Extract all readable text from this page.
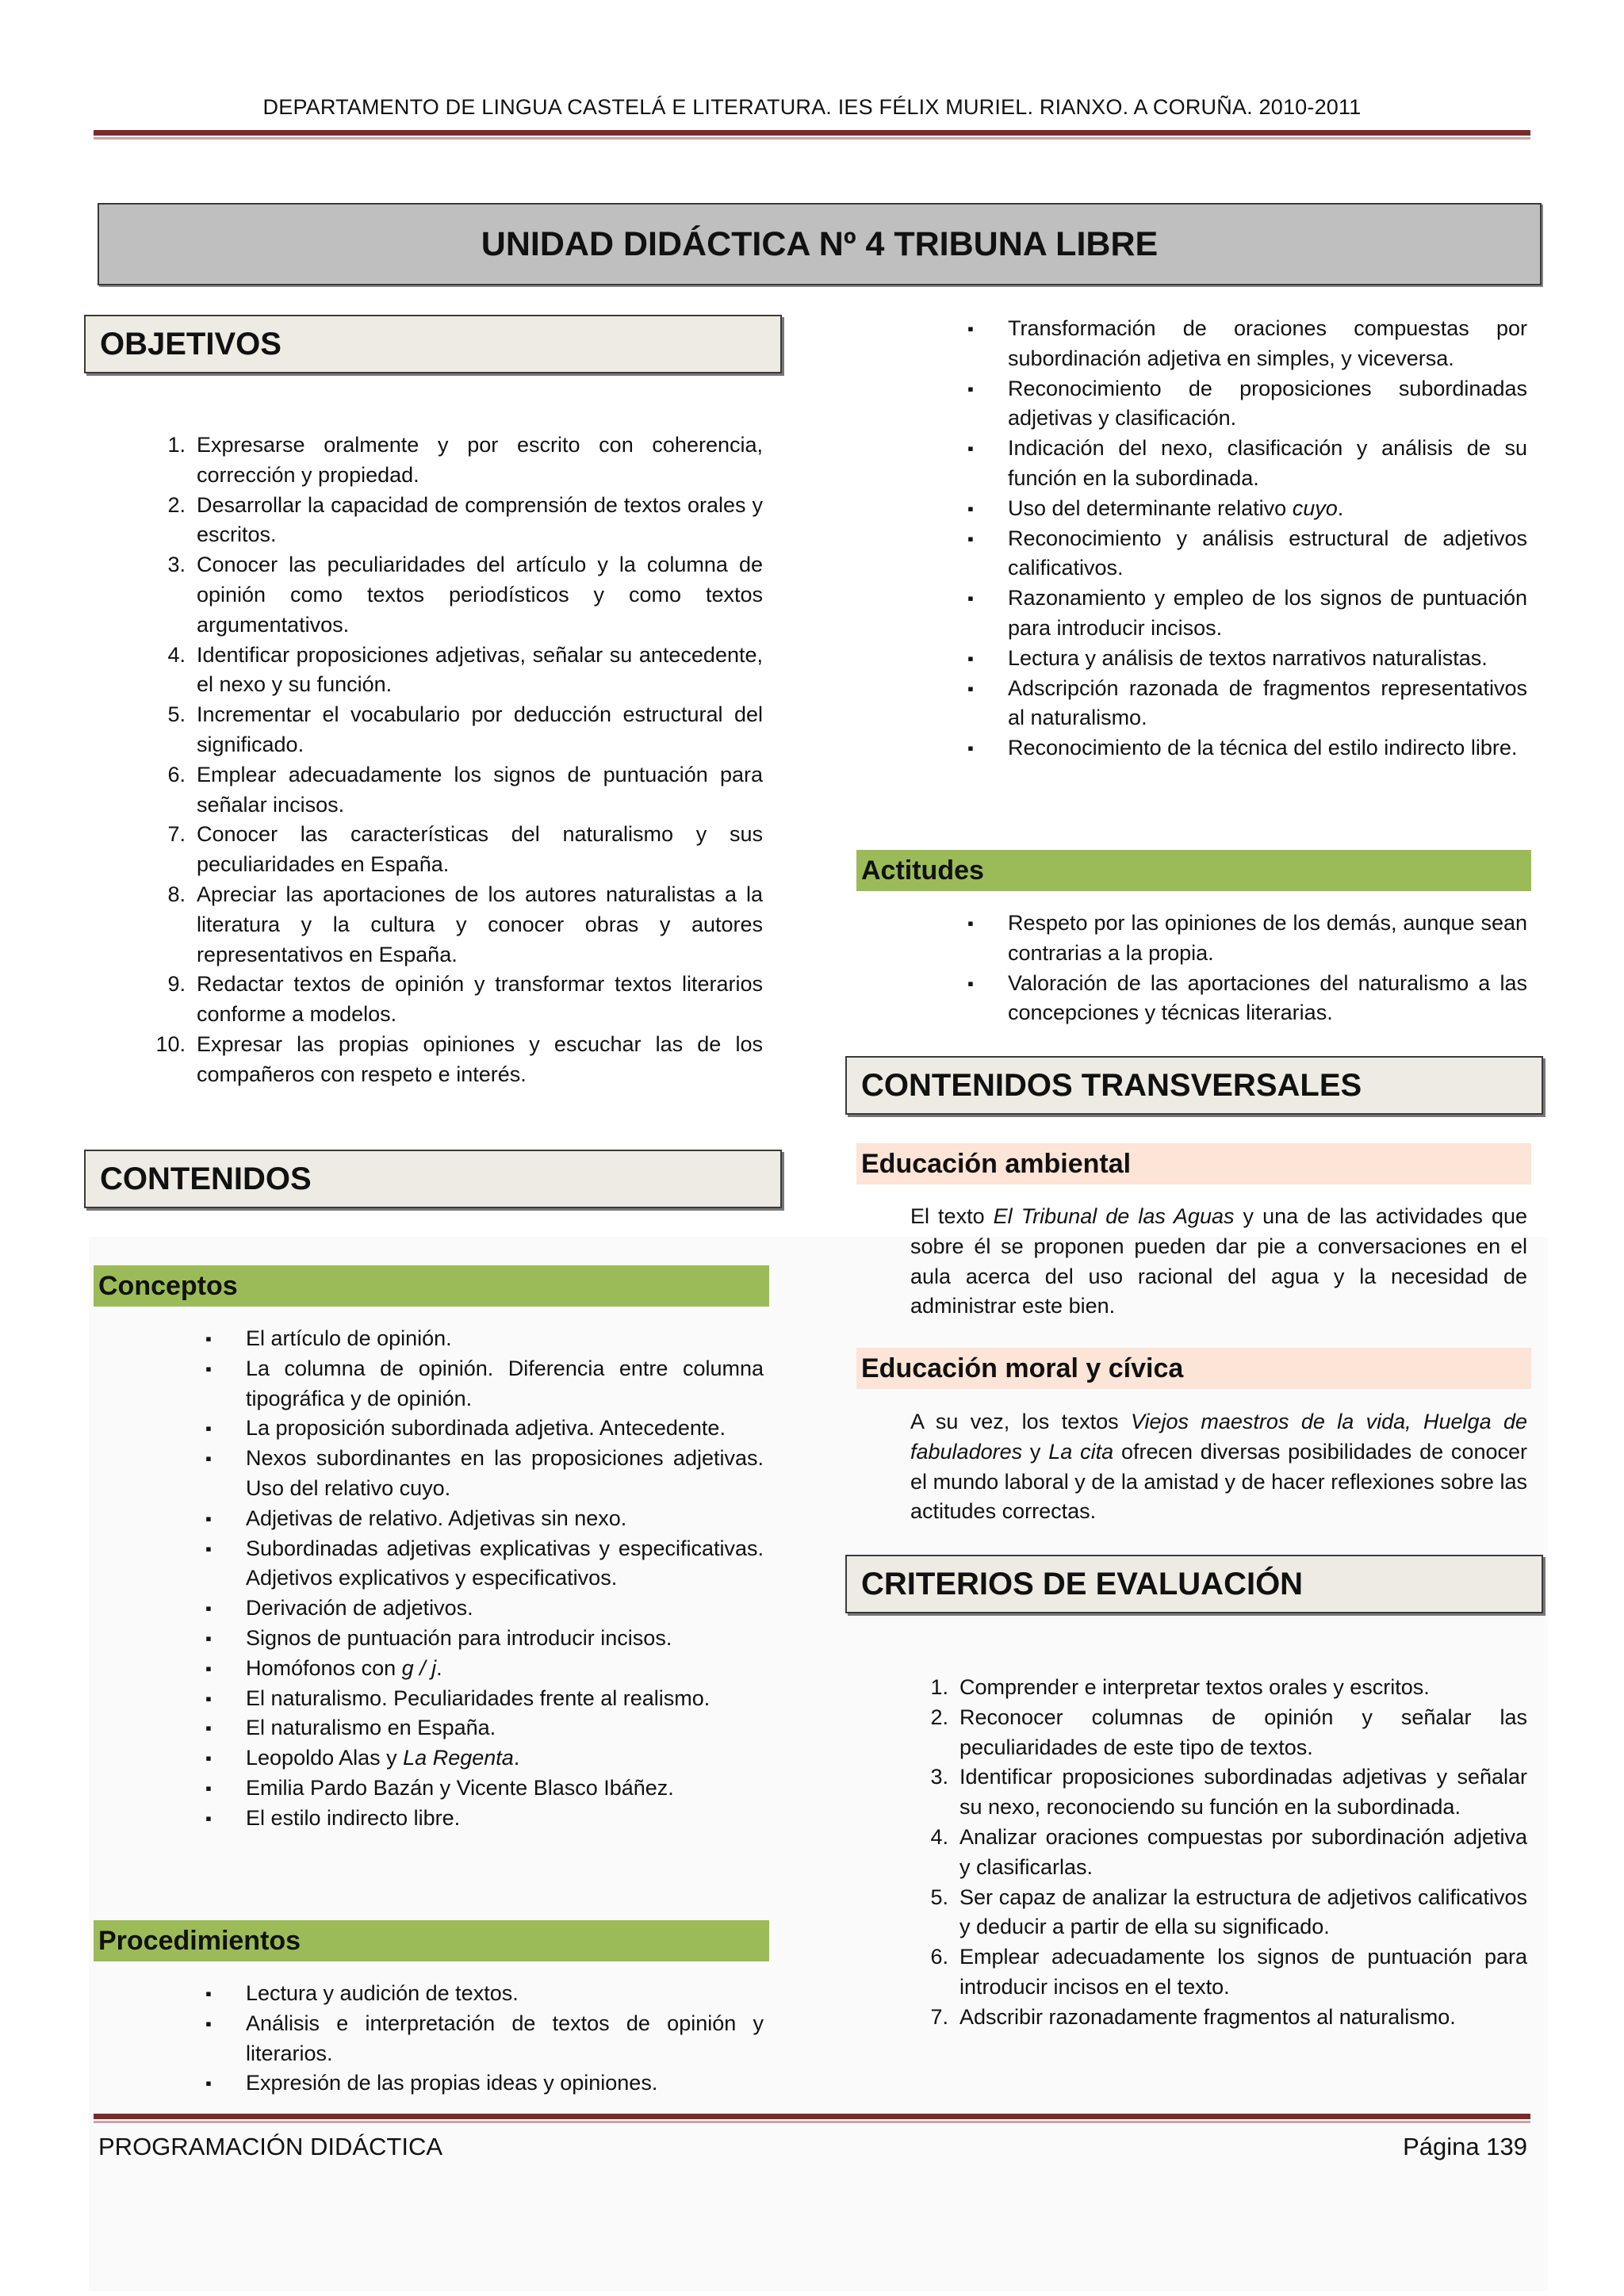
DEPARTAMENTO DE LINGUA CASTELÁ E LITERATURA. IES FÉLIX MURIEL. RIANXO. A CORUÑA. 2010-2011
UNIDAD DIDÁCTICA Nº 4 TRIBUNA LIBRE
OBJETIVOS
1. Expresarse oralmente y por escrito con coherencia, corrección y propiedad.
2. Desarrollar la capacidad de comprensión de textos orales y escritos.
3. Conocer las peculiaridades del artículo y la columna de opinión como textos periodísticos y como textos argumentativos.
4. Identificar proposiciones adjetivas, señalar su antecedente, el nexo y su función.
5. Incrementar el vocabulario por deducción estructural del significado.
6. Emplear adecuadamente los signos de puntuación para señalar incisos.
7. Conocer las características del naturalismo y sus peculiaridades en España.
8. Apreciar las aportaciones de los autores naturalistas a la literatura y la cultura y conocer obras y autores representativos en España.
9. Redactar textos de opinión y transformar textos literarios conforme a modelos.
10. Expresar las propias opiniones y escuchar las de los compañeros con respeto e interés.
CONTENIDOS
Conceptos
▪	El artículo de opinión.
▪	La columna de opinión. Diferencia entre columna tipográfica y de opinión.
▪	La proposición subordinada adjetiva. Antecedente.
▪	Nexos subordinantes en las proposiciones adjetivas. Uso del relativo cuyo.
▪	Adjetivas de relativo. Adjetivas sin nexo.
▪	Subordinadas adjetivas explicativas y especificativas. Adjetivos explicativos y especificativos.
▪	Derivación de adjetivos.
▪	Signos de puntuación para introducir incisos.
▪	Homófonos con g / j.
▪	El naturalismo. Peculiaridades frente al realismo.
▪	El naturalismo en España.
▪	Leopoldo Alas y La Regenta.
▪	Emilia Pardo Bazán y Vicente Blasco Ibáñez.
▪	El estilo indirecto libre.
Procedimientos
▪	Lectura y audición de textos.
▪	Análisis e interpretación de textos de opinión y literarios.
▪	Expresión de las propias ideas y opiniones.
▪	Transformación de oraciones compuestas por subordinación adjetiva en simples, y viceversa.
▪	Reconocimiento de proposiciones subordinadas adjetivas y clasificación.
▪	Indicación del nexo, clasificación y análisis de su función en la subordinada.
▪	Uso del determinante relativo cuyo.
▪	Reconocimiento y análisis estructural de adjetivos calificativos.
▪	Razonamiento y empleo de los signos de puntuación para introducir incisos.
▪	Lectura y análisis de textos narrativos naturalistas.
▪	Adscripción razonada de fragmentos representativos al naturalismo.
▪	Reconocimiento de la técnica del estilo indirecto libre.
Actitudes
▪	Respeto por las opiniones de los demás, aunque sean contrarias a la propia.
▪	Valoración de las aportaciones del naturalismo a las concepciones y técnicas literarias.
CONTENIDOS TRANSVERSALES
Educación ambiental

El texto El Tribunal de las Aguas y una de las actividades que sobre él se proponen pueden dar pie a conversaciones en el aula acerca del uso racional del agua y la necesidad de administrar este bien.

Educación moral y cívica

A su vez, los textos Viejos maestros de la vida, Huelga de fabuladores y La cita ofrecen diversas posibilidades de conocer el mundo laboral y de la amistad y de hacer reflexiones sobre las actitudes correctas.

CRITERIOS DE EVALUACIÓN
1. Comprender e interpretar textos orales y escritos.
2. Reconocer columnas de opinión y señalar las peculiaridades de este tipo de textos.
3. Identificar proposiciones subordinadas adjetivas y señalar su nexo, reconociendo su función en la subordinada.
4. Analizar oraciones compuestas por subordinación adjetiva y clasificarlas.
5. Ser capaz de analizar la estructura de adjetivos calificativos y deducir a partir de ella su significado.
6. Emplear adecuadamente los signos de puntuación para introducir incisos en el texto.
7. Adscribir razonadamente fragmentos al naturalismo.
PROGRAMACIÓN DIDÁCTICA	Página 139
